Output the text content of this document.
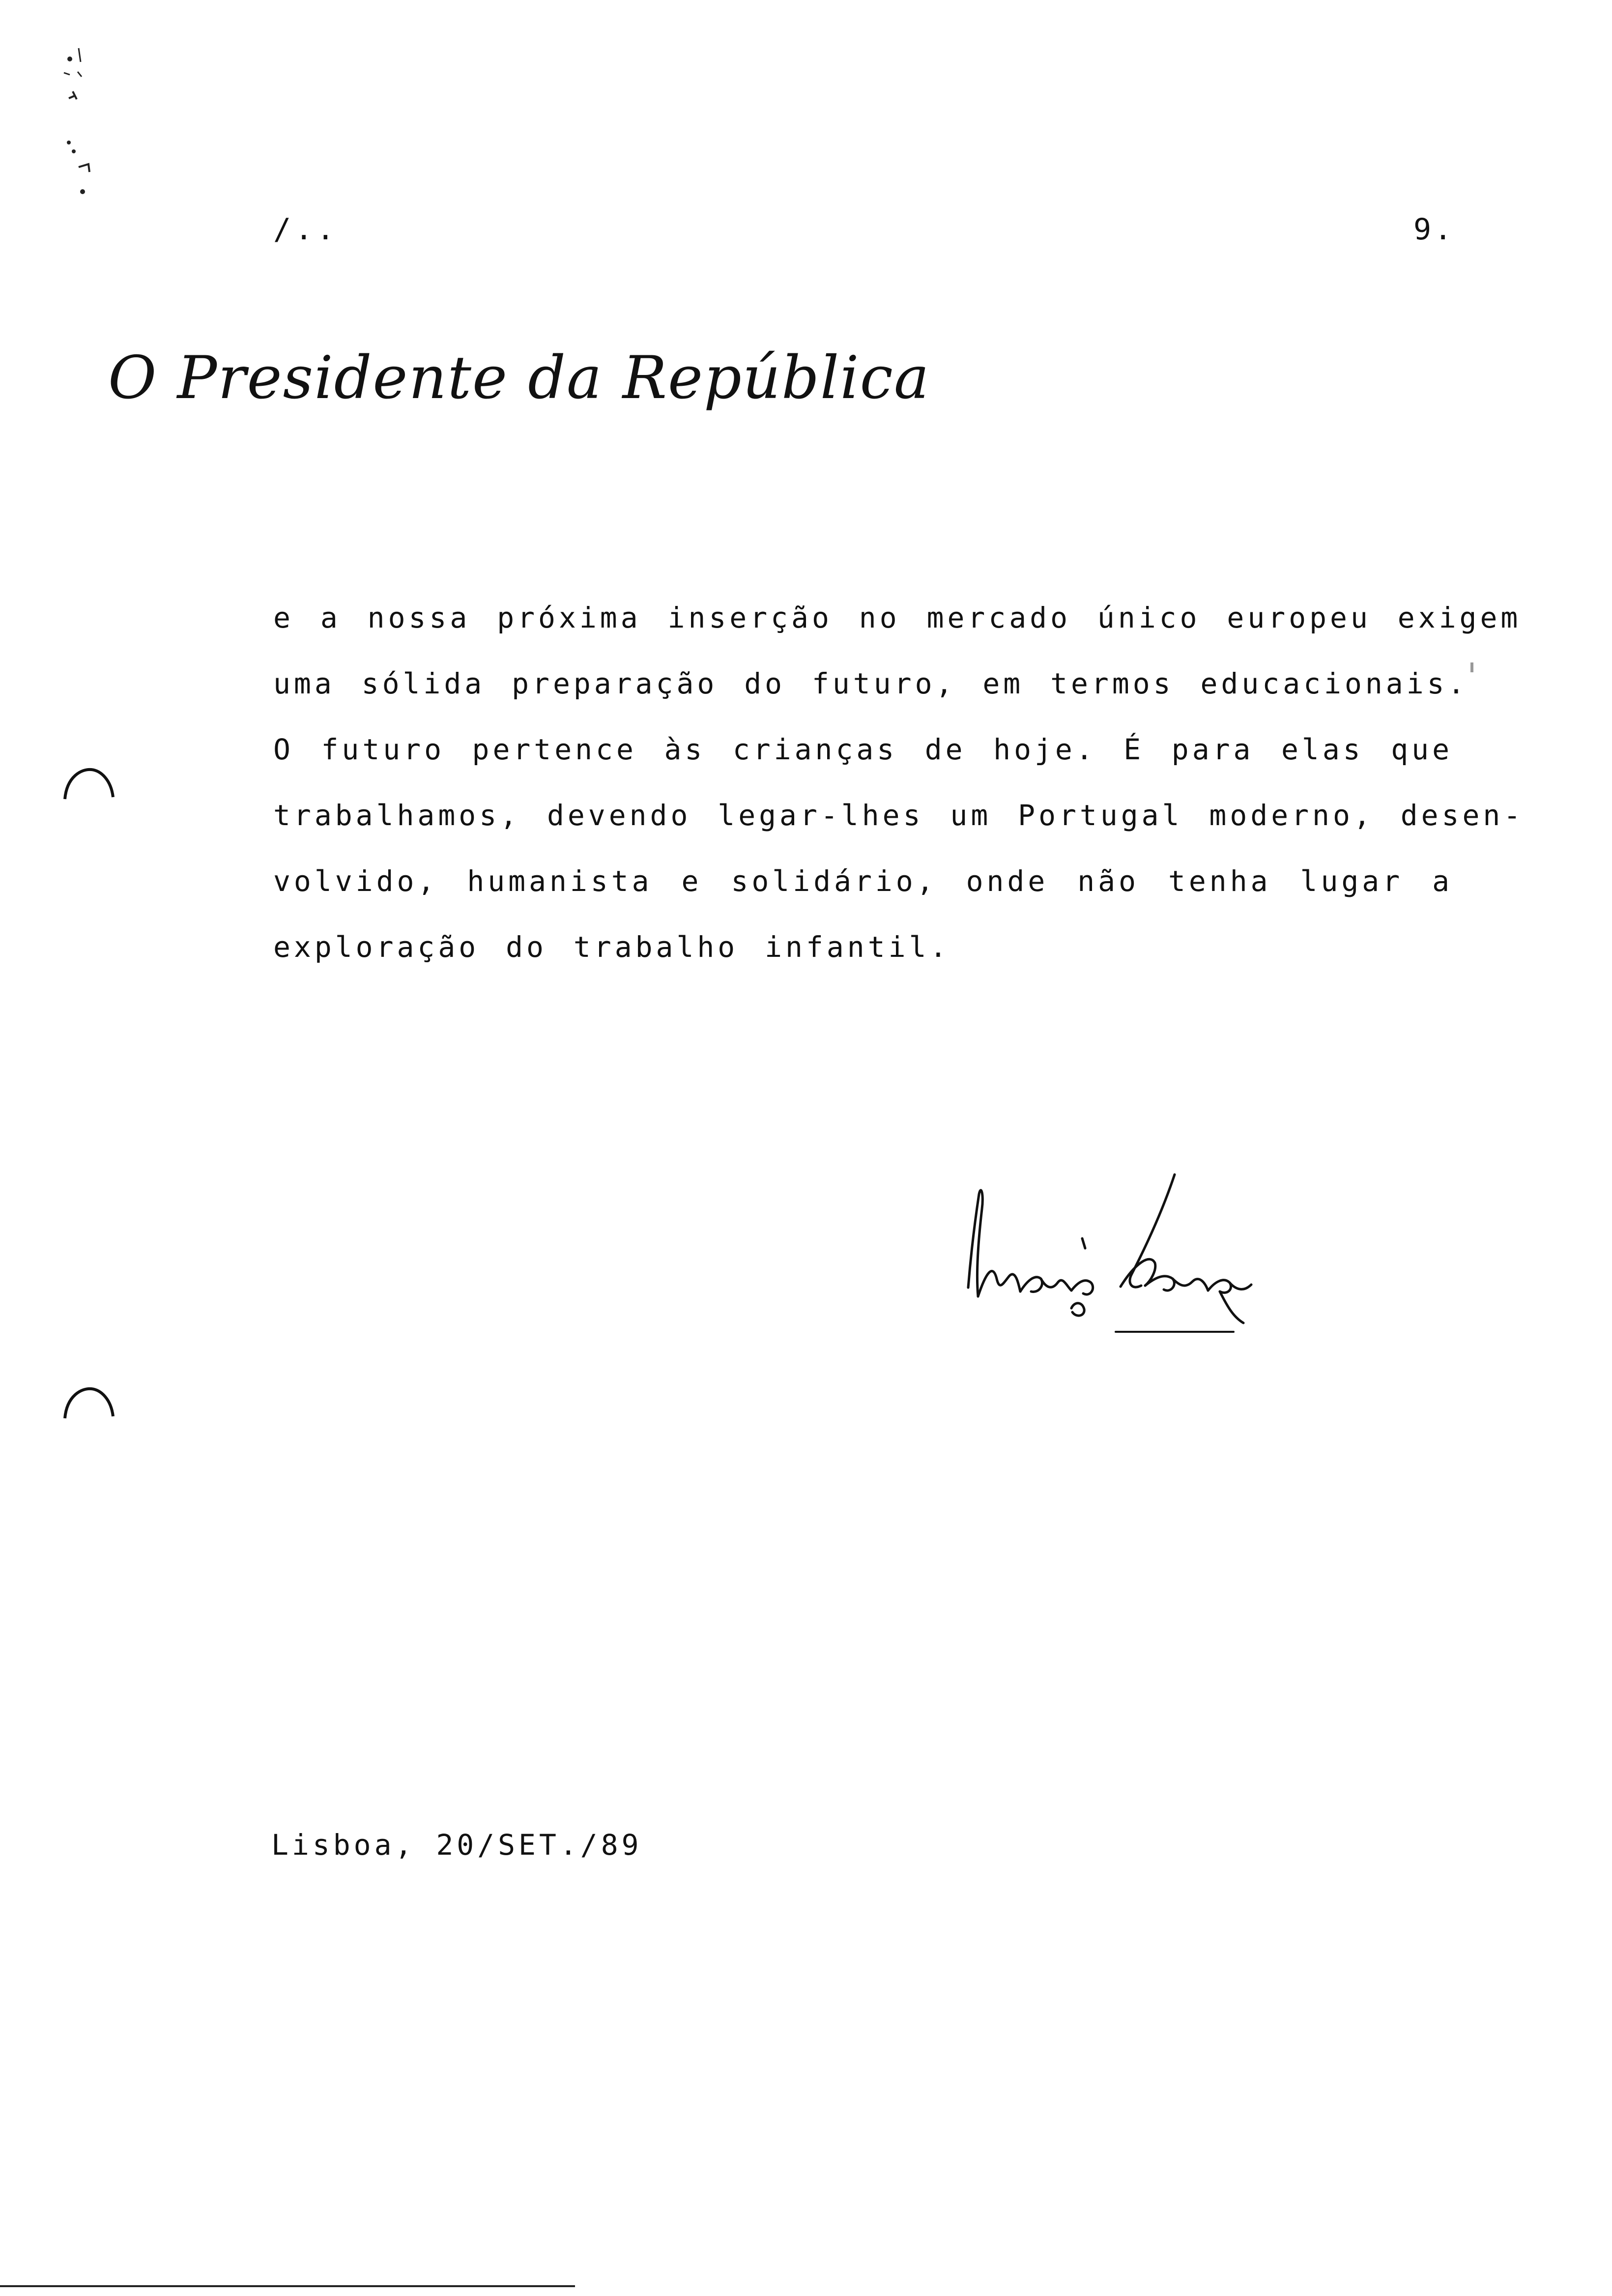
/..	9.
O Presidente da República
e a nossa próxima inserção no mercado único europeu exigem
uma sólida preparação do futuro, em termos educacionais.
O futuro pertence às crianças de hoje. É para elas que
trabalhamos, devendo legar-lhes um Portugal moderno, desen-
volvido, humanista e solidário, onde não tenha lugar a
exploração do trabalho infantil.
Lisboa, 20/SET./89
